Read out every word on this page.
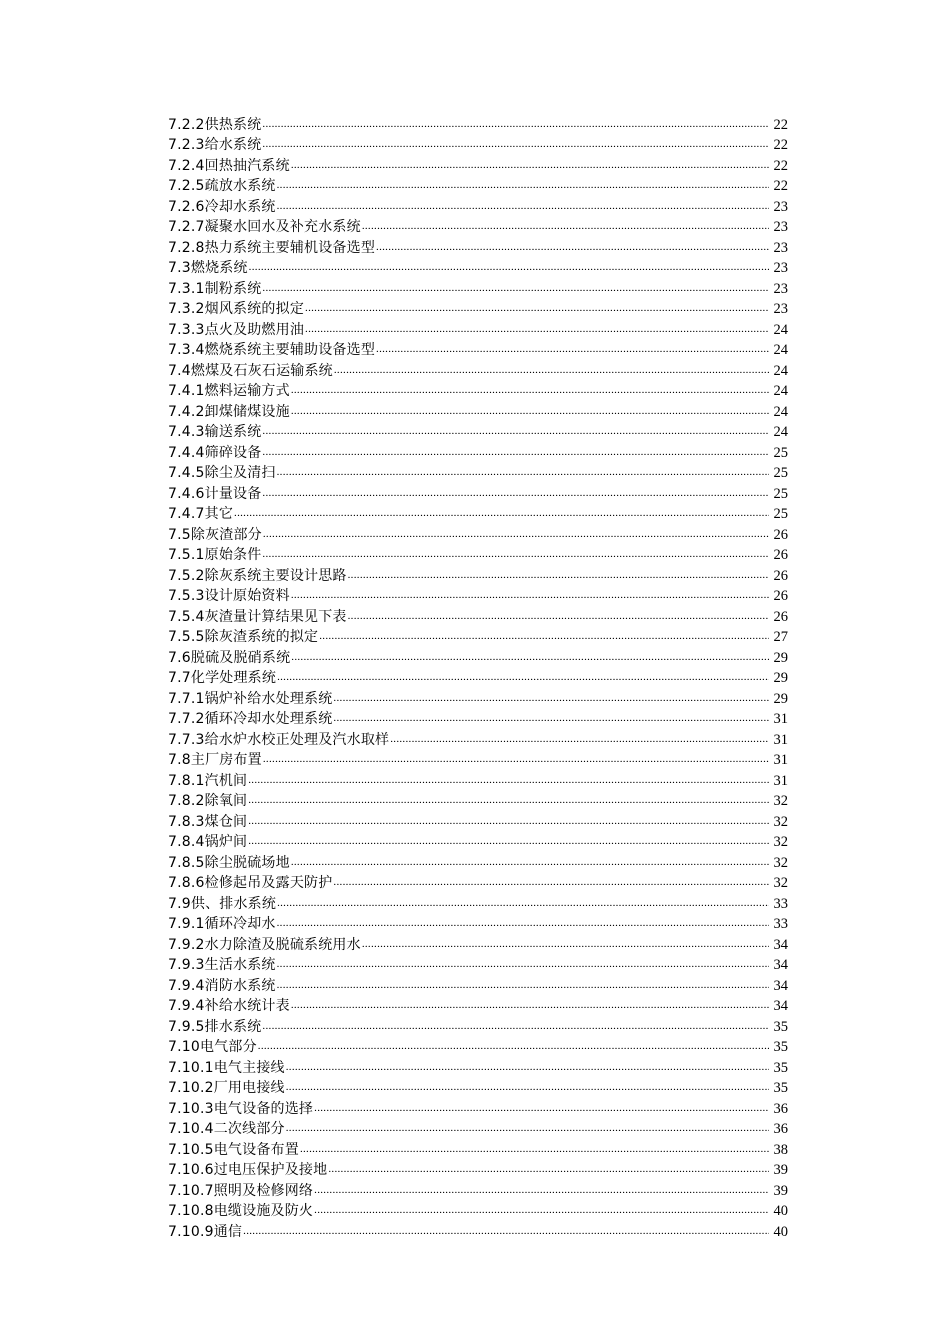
7.2.2供热系统 .....	22
7.2.3给水系统 .....	22
7.2.4回热抽汽系统 .....	22
7.2.5疏放水系统 .....	22
7.2.6冷却水系统 .....	23
7.2.7凝聚水回水及补充水系统 .....	23
7.2.8热力系统主要辅机设备选型 .....	23
7.3燃烧系统 .....	23
7.3.1制粉系统 .....	23
7.3.2烟风系统的拟定 .....	23
7.3.3点火及助燃用油 .....	24
7.3.4燃烧系统主要辅助设备选型 .....	24
7.4燃煤及石灰石运输系统 .....	24
7.4.1燃料运输方式 .....	24
7.4.2卸煤储煤设施 .....	24
7.4.3输送系统 .....	24
7.4.4筛碎设备 .....	25
7.4.5除尘及清扫 .....	25
7.4.6计量设备 .....	25
7.4.7其它 .....	25
7.5除灰渣部分 .....	26
7.5.1原始条件 .....	26
7.5.2除灰系统主要设计思路 .....	26
7.5.3设计原始资料 .....	26
7.5.4灰渣量计算结果见下表 .....	26
7.5.5除灰渣系统的拟定 .....	27
7.6脱硫及脱硝系统 .....	29
7.7化学处理系统 .....	29
7.7.1锅炉补给水处理系统 .....	29
7.7.2循环冷却水处理系统 .....	31
7.7.3给水炉水校正处理及汽水取样 .....	31
7.8主厂房布置 .....	31
7.8.1汽机间 .....	31
7.8.2除氧间 .....	32
7.8.3煤仓间 .....	32
7.8.4锅炉间 .....	32
7.8.5除尘脱硫场地 .....	32
7.8.6检修起吊及露天防护 .....	32
7.9供、排水系统 .....	33
7.9.1循环冷却水 .....	33
7.9.2水力除渣及脱硫系统用水 .....	34
7.9.3生活水系统 .....	34
7.9.4消防水系统 .....	34
7.9.4补给水统计表 .....	34
7.9.5排水系统 .....	35
7.10电气部分 .....	35
7.10.1电气主接线 .....	35
7.10.2厂用电接线 .....	35
7.10.3电气设备的选择 .....	36
7.10.4二次线部分 .....	36
7.10.5电气设备布置 .....	38
7.10.6过电压保护及接地 .....	39
7.10.7照明及检修网络 .....	39
7.10.8电缆设施及防火 .....	40
7.10.9通信 .....	40
